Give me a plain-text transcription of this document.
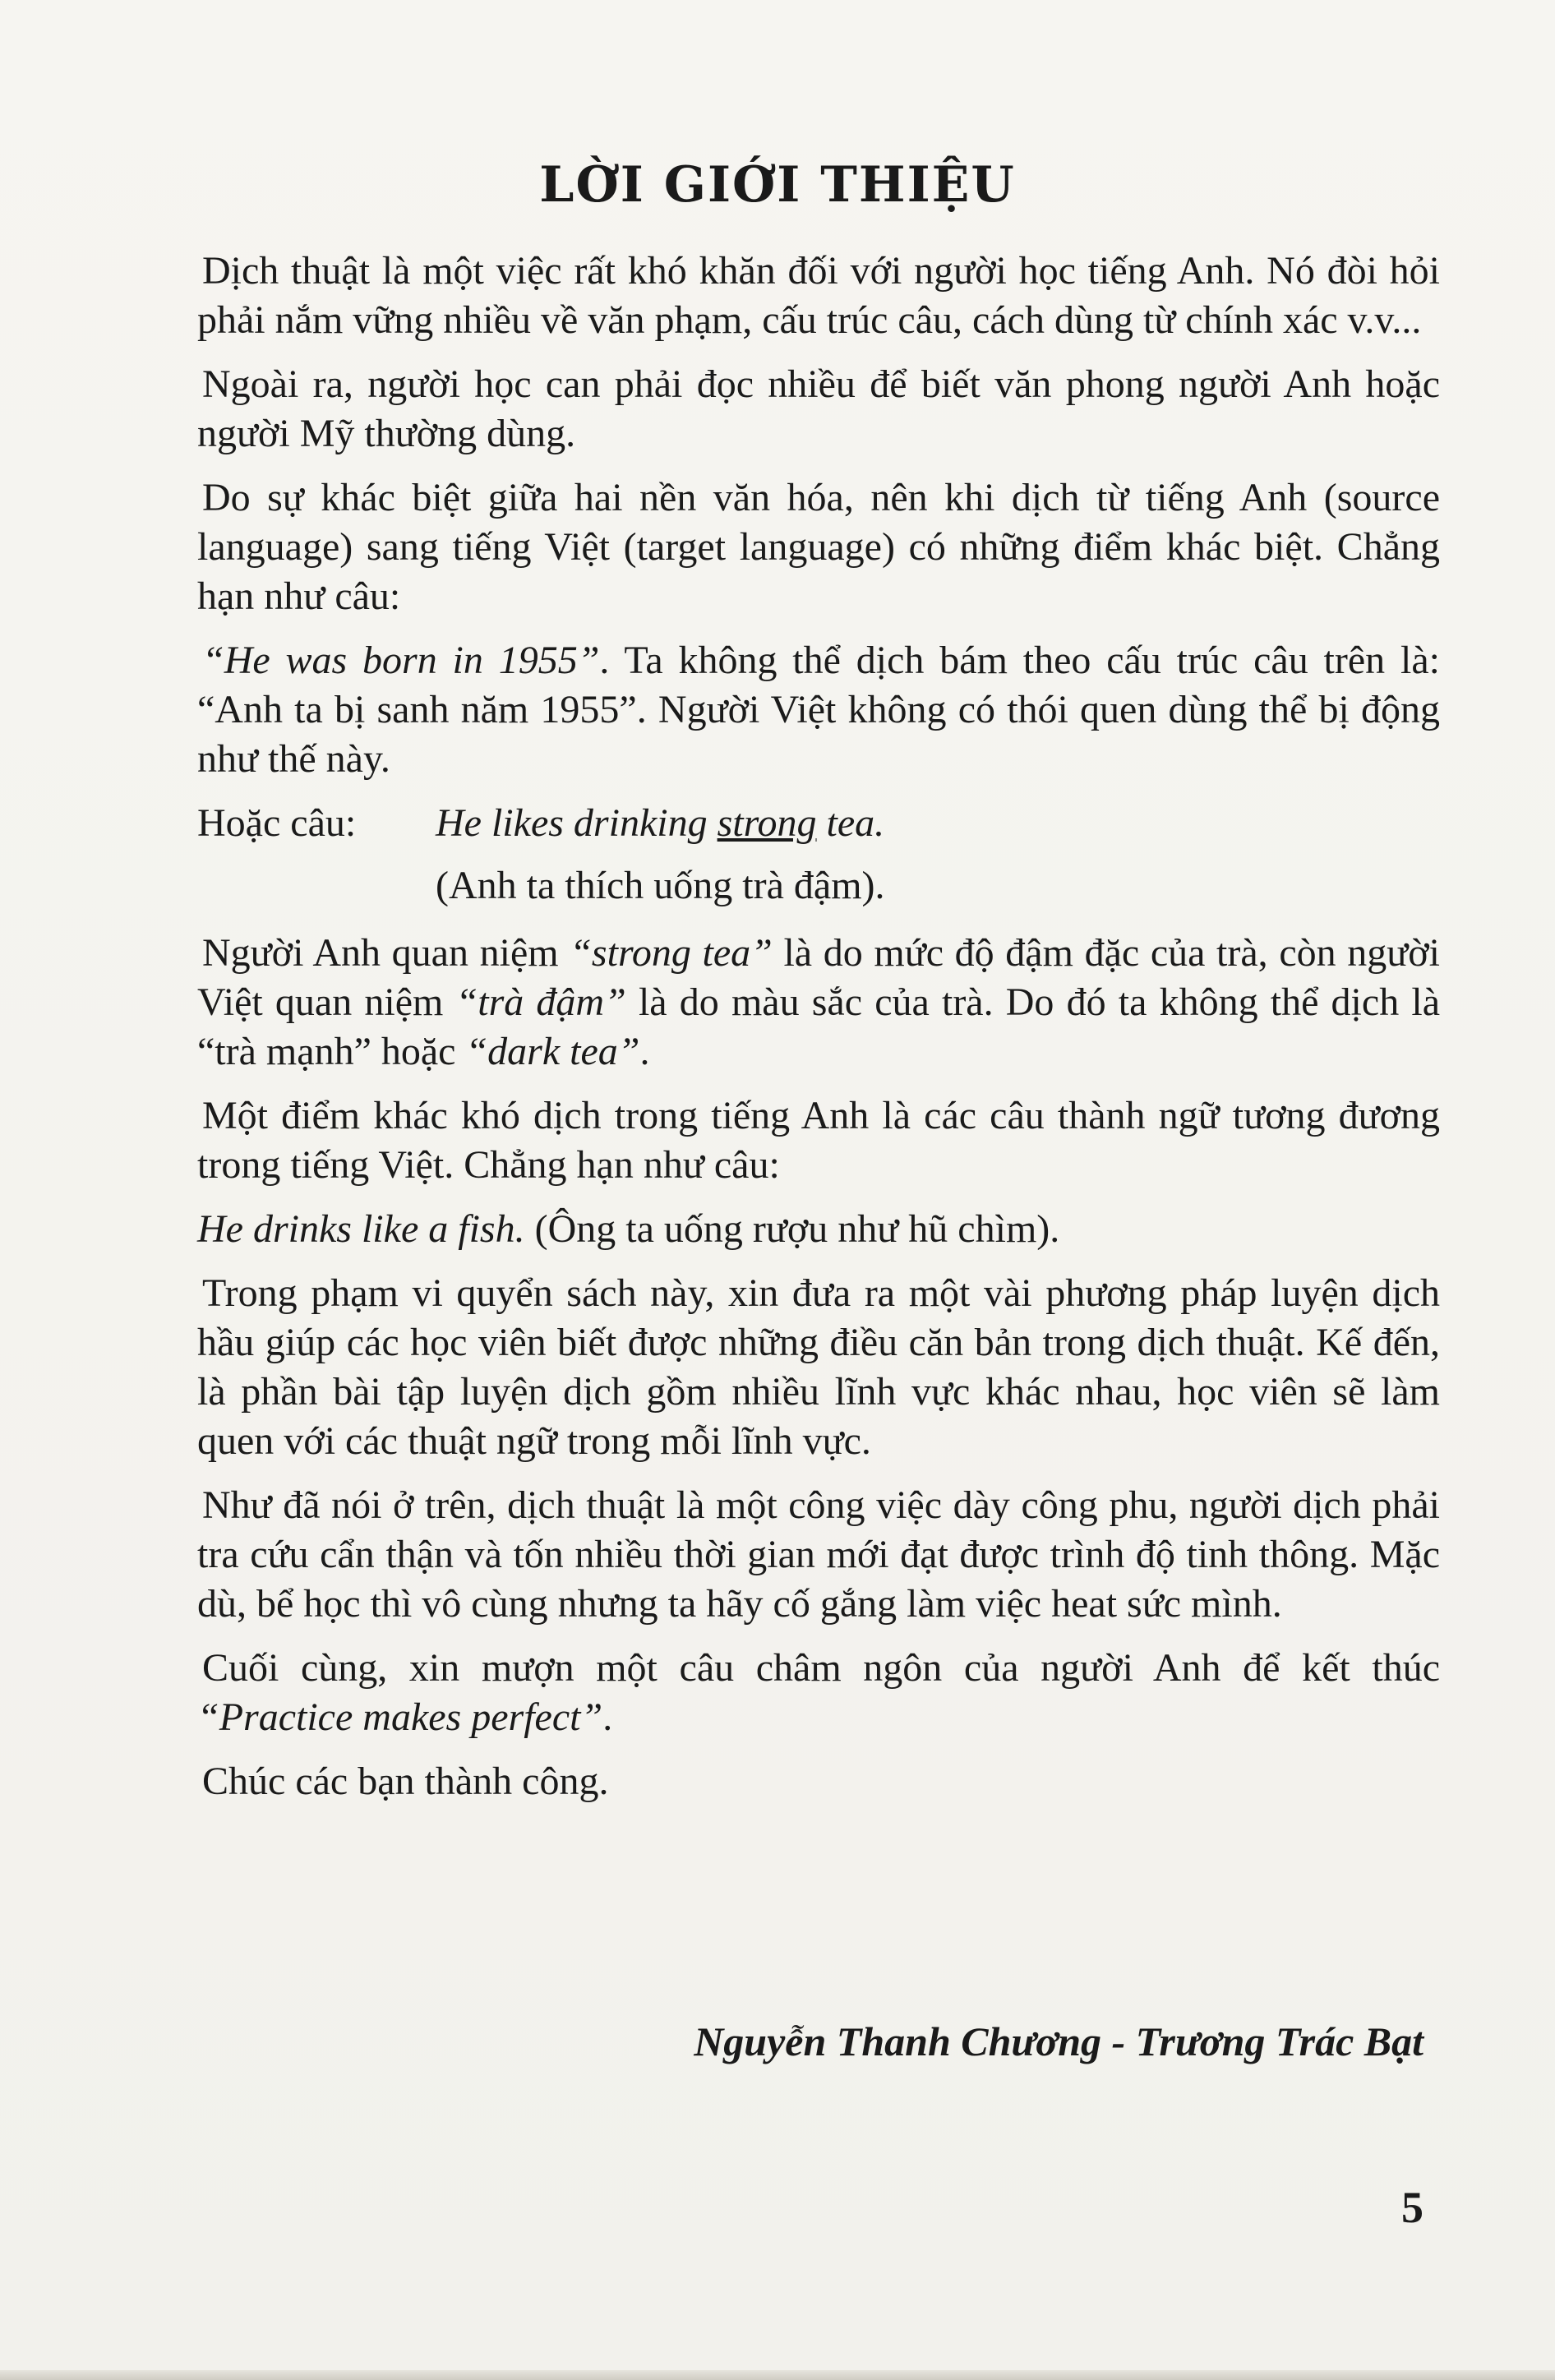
LỜI GIỚI THIỆU

Dịch thuật là một việc rất khó khăn đối với người học tiếng Anh. Nó đòi hỏi phải nắm vững nhiều về văn phạm, cấu trúc câu, cách dùng từ chính xác v.v...

Ngoài ra, người học can phải đọc nhiều để biết văn phong người Anh hoặc người Mỹ thường dùng.

Do sự khác biệt giữa hai nền văn hóa, nên khi dịch từ tiếng Anh (source language) sang tiếng Việt (target language) có những điểm khác biệt. Chẳng hạn như câu:

“He was born in 1955”. Ta không thể dịch bám theo cấu trúc câu trên là: “Anh ta bị sanh năm 1955”. Người Việt không có thói quen dùng thể bị động như thế này.

Hoặc câu:	He likes drinking strong tea.
(Anh ta thích uống trà đậm).

Người Anh quan niệm “strong tea” là do mức độ đậm đặc của trà, còn người Việt quan niệm “trà đậm” là do màu sắc của trà. Do đó ta không thể dịch là “trà mạnh” hoặc “dark tea”.

Một điểm khác khó dịch trong tiếng Anh là các câu thành ngữ tương đương trong tiếng Việt. Chẳng hạn như câu:

He drinks like a fish. (Ông ta uống rượu như hũ chìm).

Trong phạm vi quyển sách này, xin đưa ra một vài phương pháp luyện dịch hầu giúp các học viên biết được những điều căn bản trong dịch thuật. Kế đến, là phần bài tập luyện dịch gồm nhiều lĩnh vực khác nhau, học viên sẽ làm quen với các thuật ngữ trong mỗi lĩnh vực.

Như đã nói ở trên, dịch thuật là một công việc dày công phu, người dịch phải tra cứu cẩn thận và tốn nhiều thời gian mới đạt được trình độ tinh thông. Mặc dù, bể học thì vô cùng nhưng ta hãy cố gắng làm việc heat sức mình.

Cuối cùng, xin mượn một câu châm ngôn của người Anh để kết thúc “Practice makes perfect”.

Chúc các bạn thành công.

Nguyễn Thanh Chương - Trương Trác Bạt
5
